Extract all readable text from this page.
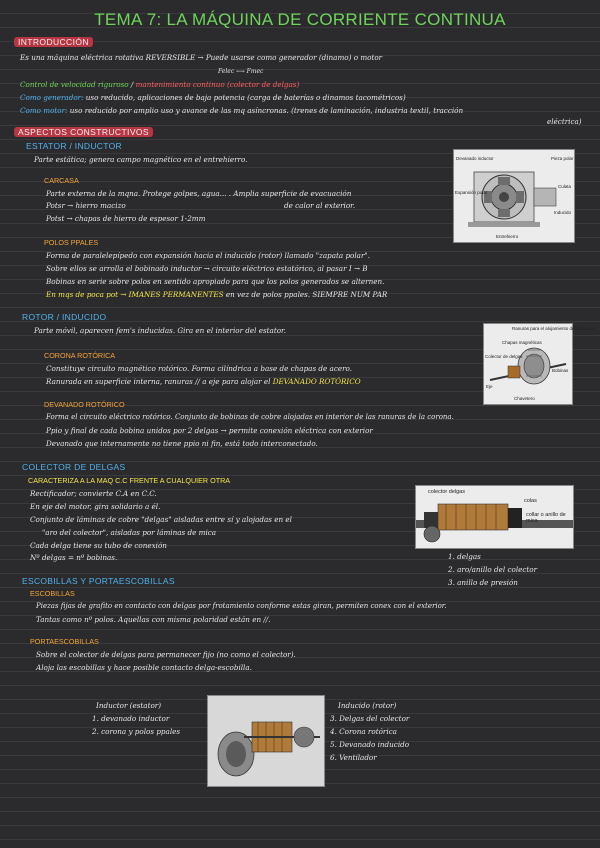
TEMA 7: LA MÁQUINA DE CORRIENTE CONTINUA
INTRODUCCIÓN
Es una máquina eléctrica rotativa REVERSIBLE → Puede usarse como generador (dinamo) o motor
Felec ⟷ Fmec
Control de velocidad riguroso / mantenimiento continuo (colector de delgas)
Como generador: uso reducido, aplicaciones de baja potencia (carga de baterías o dinamos tacométricos)
Como motor: uso reducido por amplio uso y avance de las mq asíncronas. (trenes de laminación, industria textil, tracción
eléctrica)
ASPECTOS CONSTRUCTIVOS
ESTATOR / INDUCTOR
Parte estática; genera campo magnético en el entrehierro.	Devanado inductor	Pieza polar
Culata
Expansión polar
Inducido
Entrehierro
CARCASA
Parte externa de la mqna. Protege golpes, agua... . Amplia superficie de evacuación
de calor al exterior.
Potsr → hierro macizo
Potst → chapas de hierro de espesor 1-2mm
POLOS PPALES
Forma de paralelepípedo con expansión hacia el inducido (rotor) llamado "zapata polar".
Sobre ellos se arrolla el bobinado inductor → circuito eléctrico estatórico, al pasar I → B
Bobinas en serie sobre polos en sentido apropiado para que los polos generados se alternen.
En mqs de poca pot → IMANES PERMANENTES en vez de polos ppales. SIEMPRE NUM PAR
ROTOR / INDUCIDO
Parte móvil, aparecen fem's inducidas. Gira en el interior del estator.	Ranuras para el alojamiento del bobinado
Chapas magnéticas
Colector de delgas
Bobinas
Eje
Chavetero
CORONA ROTÓRICA
Constituye circuito magnético rotórico. Forma cilíndrica a base de chapas de acero.
Ranurada en superficie interna, ranuras // a eje para alojar el DEVANADO ROTÓRICO
DEVANADO ROTÓRICO
Forma el circuito eléctrico rotórico. Conjunto de bobinas de cobre alojadas en interior de las ranuras de la corona.
Ppio y final de cada bobina unidos por 2 delgas → permite conexión eléctrica con exterior
Devanado que internamente no tiene ppio ni fin, está todo interconectado.
COLECTOR DE DELGAS
CARACTERIZA A LA MAQ C.C FRENTE A CUALQUIER OTRA
Rectificador; convierte C.A en C.C.
En eje del motor, gira solidario a él.
Conjunto de láminas de cobre "delgas" aisladas entre sí y alojadas en el
"aro del colector", aisladas por láminas de mica
Cada delga tiene su tubo de conexión
Nº delgas = nº bobinas.
colector delgas
colas
collar o anillo de mica
1. delgas
2. aro/anillo del colector
3. anillo de presión
ESCOBILLAS Y PORTAESCOBILLAS
ESCOBILLAS
Piezas fijas de grafito en contacto con delgas por frotamiento conforme estas giran, permiten conex con el exterior.
Tantas como nº polos. Aquellas con misma polaridad están en //.
PORTAESCOBILLAS
Sobre el colector de delgas para permanecer fijo (no como el colector).
Aloja las escobillas y hace posible contacto delga-escobilla.
Inductor (estator)
1. devanado inductor
2. corona y polos ppales
Inducido (rotor)
3. Delgas del colector
4. Corona rotórica
5. Devanado inducido
6. Ventilador
